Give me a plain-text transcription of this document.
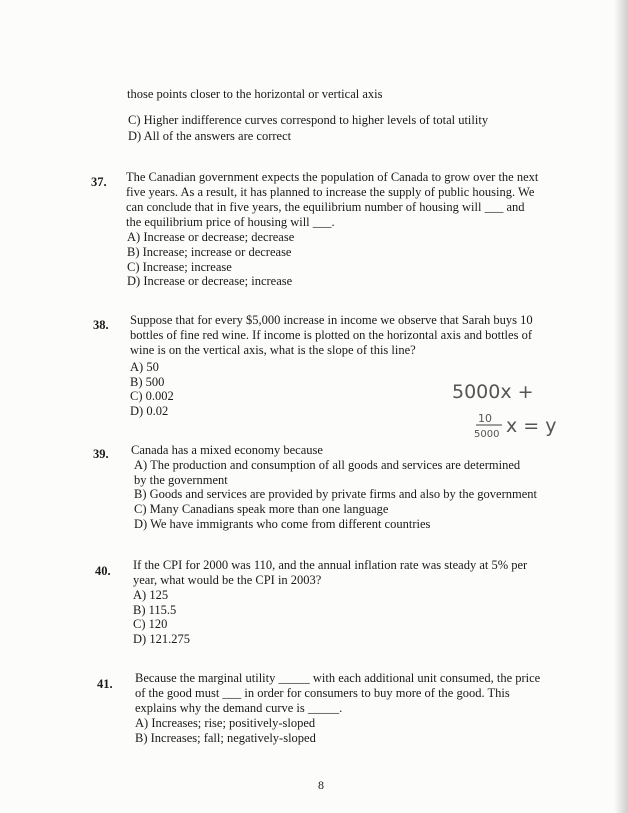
those points closer to the horizontal or vertical axis
C) Higher indifference curves correspond to higher levels of total utility
D) All of the answers are correct
37. The Canadian government expects the population of Canada to grow over the next
five years. As a result, it has planned to increase the supply of public housing. We
can conclude that in five years, the equilibrium number of housing will ___ and
the equilibrium price of housing will ___.
A) Increase or decrease; decrease
B) Increase; increase or decrease
C) Increase; increase
D) Increase or decrease; increase
38. Suppose that for every $5,000 increase in income we observe that Sarah buys 10
bottles of fine red wine. If income is plotted on the horizontal axis and bottles of
wine is on the vertical axis, what is the slope of this line?
A) 50
B) 500
C) 0.002
D) 0.02
5000x +
10
5000 x = y
39. Canada has a mixed economy because
A) The production and consumption of all goods and services are determined
by the government
B) Goods and services are provided by private firms and also by the government
C) Many Canadians speak more than one language
D) We have immigrants who come from different countries
40. If the CPI for 2000 was 110, and the annual inflation rate was steady at 5% per
year, what would be the CPI in 2003?
A) 125
B) 115.5
C) 120
D) 121.275
41. Because the marginal utility _____ with each additional unit consumed, the price
of the good must ___ in order for consumers to buy more of the good. This
explains why the demand curve is _____.
A) Increases; rise; positively-sloped
B) Increases; fall; negatively-sloped
8
